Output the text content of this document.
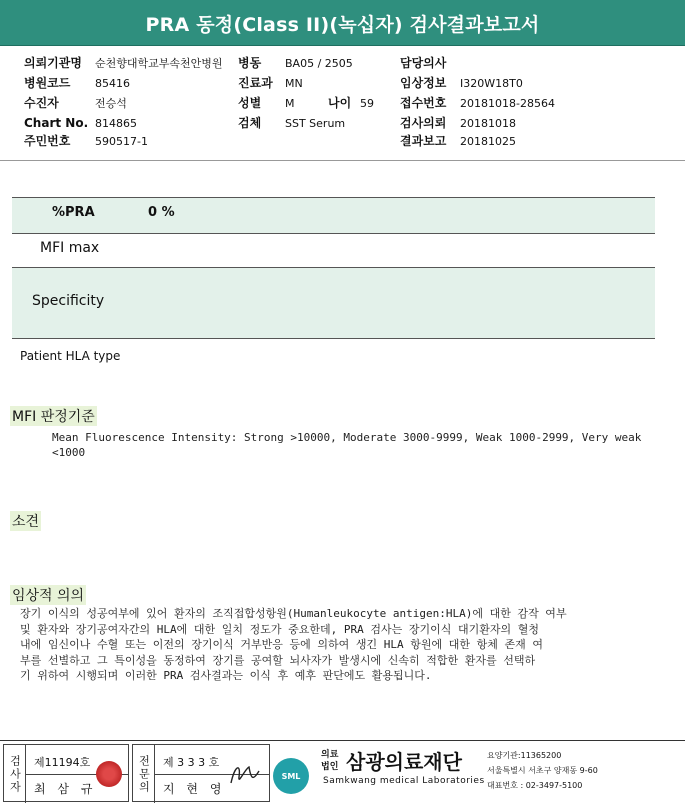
PRA 동정(Class II)(녹십자) 검사결과보고서
의뢰기관명 순천향대학교부속천안병원 병동 BA05 / 2505	담당의사
병원코드 85416	진료과 MN	임상정보 I320W18T0
수진자	전승석	성별 M	나이 59 접수번호 20181018-28564
Chart No. 814865	검체 SST Serum	검사의뢰 20181018
주민번호 590517-1	결과보고 20181025
%PRA	0 %
MFI max
Specificity
Patient HLA type
MFI 판정기준
Mean Fluorescence Intensity: Strong >10000, Moderate 3000-9999, Weak 1000-2999, Very weak
<1000
소견
임상적 의의
장기 이식의 성공여부에 있어 환자의 조직접합성항원(Humanleukocyte antigen:HLA)에 대한 감작 여부
및 환자와 장기공여자간의 HLA에 대한 일치 정도가 중요한데, PRA 검사는 장기이식 대기환자의 혈청
내에 임신이나 수혈 또는 이전의 장기이식 거부반응 등에 의하여 생긴 HLA 항원에 대한 항체 존재 여
부를 선별하고 그 특이성을 동정하여 장기를 공여할 뇌사자가 발생시에 신속히 적합한 환자를 선택하
기 위하여 시행되며 이러한 PRA 검사결과는 이식 후 예후 판단에도 활용됩니다.
검사자	제11194호
최 삼 규	전문의	제 3 3 3 호
지 현 영
SML
의료
법인 삼광의료재단
Samkwang medical Laboratories
요양기관:11365200
서울특별시 서초구 양재동 9-60
대표번호 : 02-3497-5100
